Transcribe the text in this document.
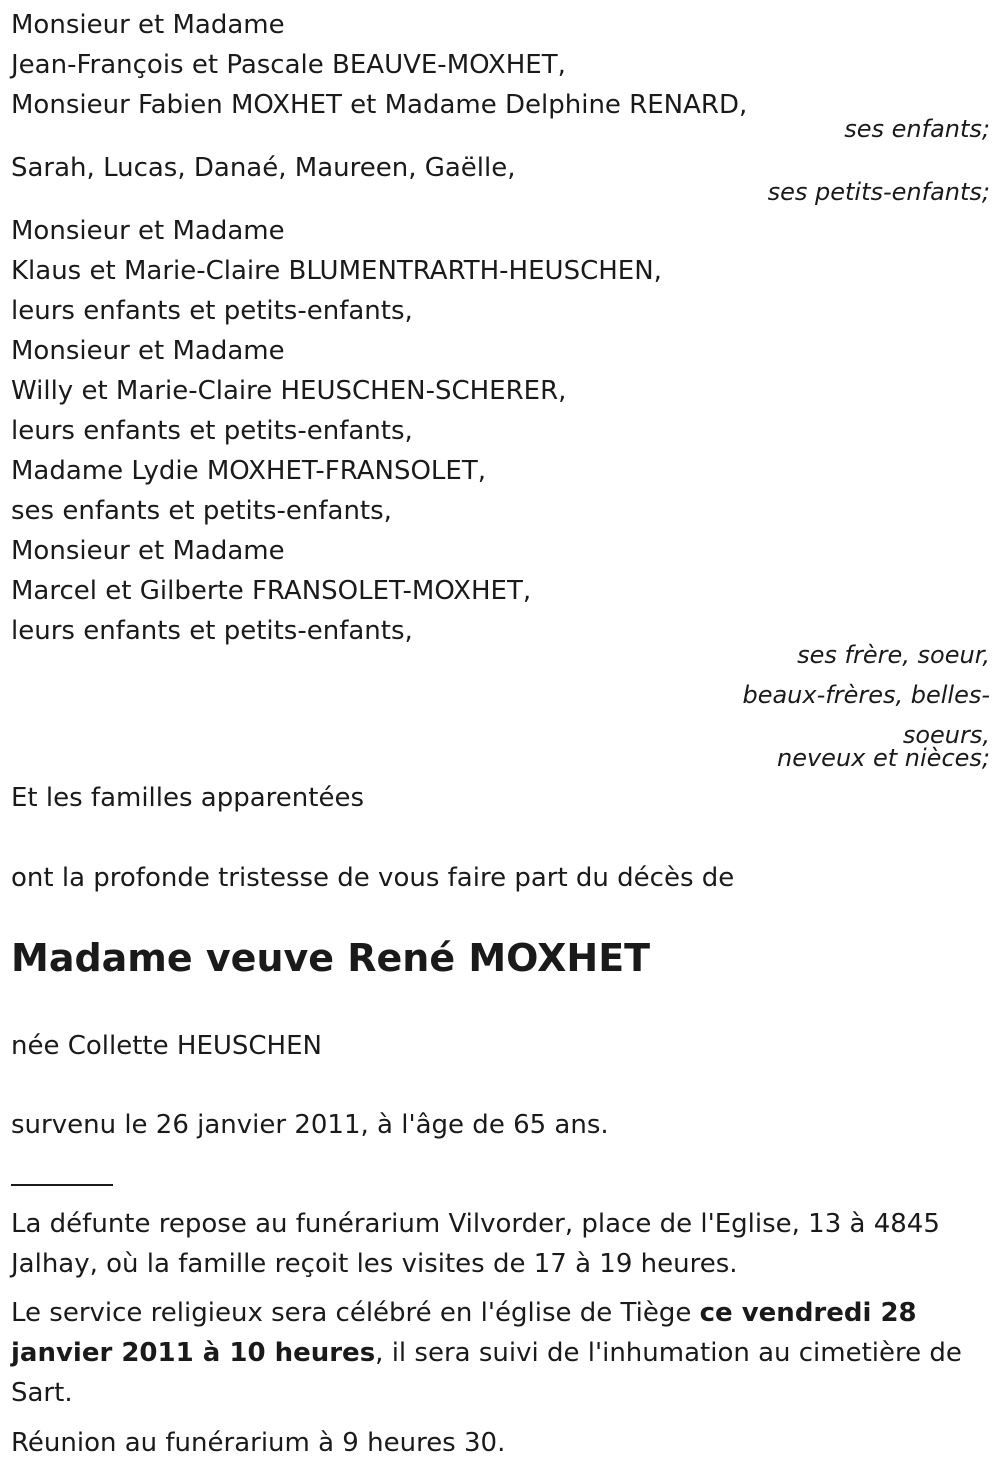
Monsieur et Madame
Jean-François et Pascale BEAUVE-MOXHET,
Monsieur Fabien MOXHET et Madame Delphine RENARD,
ses enfants;
Sarah, Lucas, Danaé, Maureen, Gaëlle,
ses petits-enfants;
Monsieur et Madame
Klaus et Marie-Claire BLUMENTRARTH-HEUSCHEN,
leurs enfants et petits-enfants,
Monsieur et Madame
Willy et Marie-Claire HEUSCHEN-SCHERER,
leurs enfants et petits-enfants,
Madame Lydie MOXHET-FRANSOLET,
ses enfants et petits-enfants,
Monsieur et Madame
Marcel et Gilberte FRANSOLET-MOXHET,
leurs enfants et petits-enfants,
ses frère, soeur,
beaux-frères, belles-
soeurs,
neveux et nièces;
Et les familles apparentées
ont la profonde tristesse de vous faire part du décès de
Madame veuve René MOXHET
née Collette HEUSCHEN
survenu le 26 janvier 2011, à l'âge de 65 ans.
La défunte repose au funérarium Vilvorder, place de l'Eglise, 13 à 4845 Jalhay, où la famille reçoit les visites de 17 à 19 heures.
Le service religieux sera célébré en l'église de Tiège ce vendredi 28 janvier 2011 à 10 heures, il sera suivi de l'inhumation au cimetière de Sart.
Réunion au funérarium à 9 heures 30.
